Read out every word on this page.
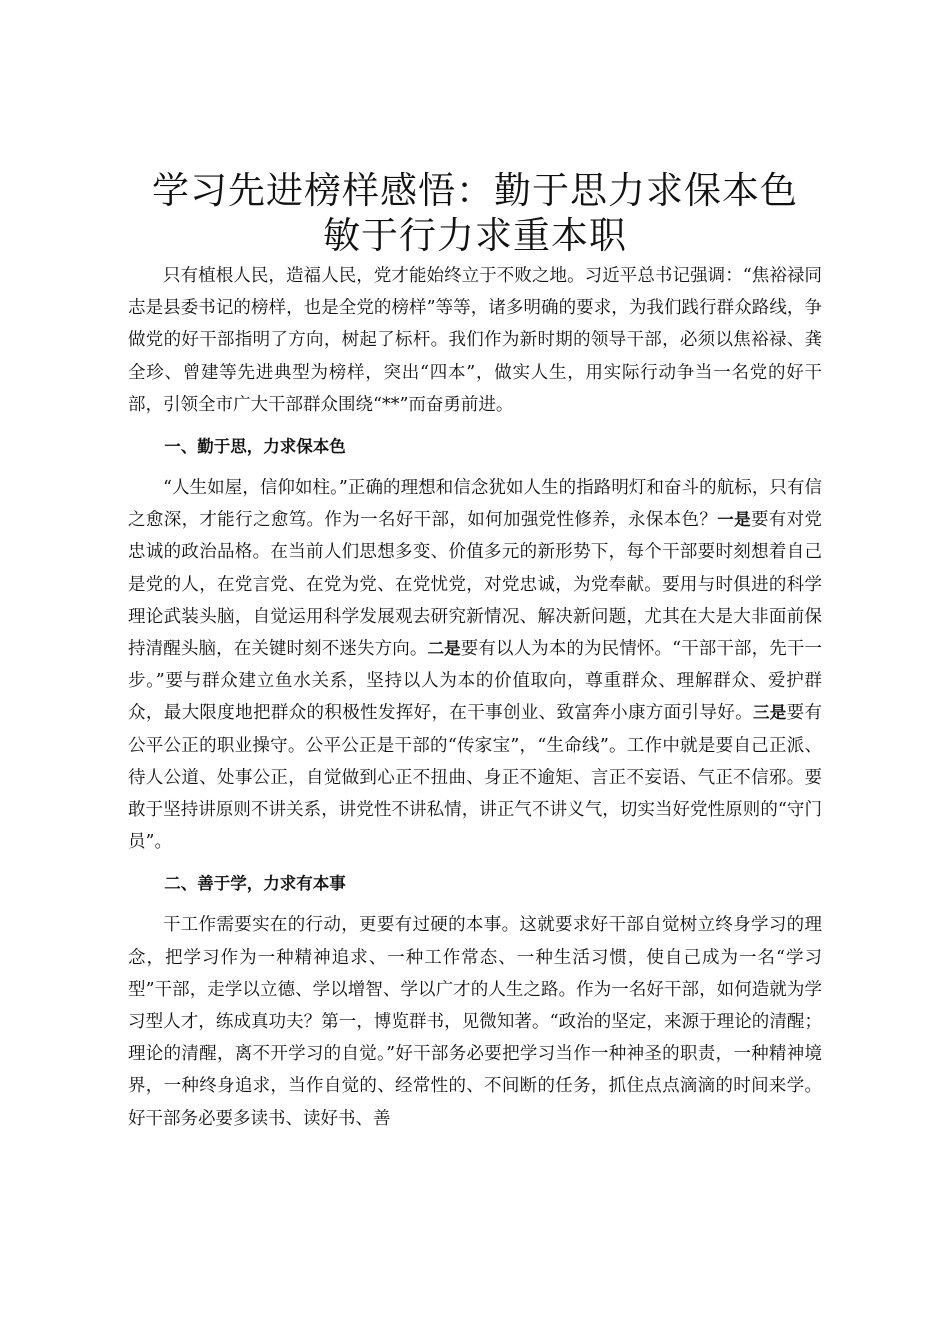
学习先进榜样感悟：勤于思力求保本色 敏于行力求重本职

只有植根人民，造福人民，党才能始终立于不败之地。习近平总书记强调：“焦裕禄同志是县委书记的榜样，也是全党的榜样”等等，诸多明确的要求，为我们践行群众路线，争做党的好干部指明了方向，树起了标杆。我们作为新时期的领导干部，必须以焦裕禄、龚全珍、曾建等先进典型为榜样，突出“四本”，做实人生，用实际行动争当一名党的好干部，引领全市广大干部群众围绕“**”而奋勇前进。

一、勤于思，力求保本色

“人生如屋，信仰如柱。”正确的理想和信念犹如人生的指路明灯和奋斗的航标，只有信之愈深，才能行之愈笃。作为一名好干部，如何加强党性修养，永保本色？一是要有对党忠诚的政治品格。在当前人们思想多变、价值多元的新形势下，每个干部要时刻想着自己是党的人，在党言党、在党为党、在党忧党，对党忠诚，为党奉献。要用与时俱进的科学理论武装头脑，自觉运用科学发展观去研究新情况、解决新问题，尤其在大是大非面前保持清醒头脑，在关键时刻不迷失方向。二是要有以人为本的为民情怀。“干部干部，先干一步。”要与群众建立鱼水关系，坚持以人为本的价值取向，尊重群众、理解群众、爱护群众，最大限度地把群众的积极性发挥好，在干事创业、致富奔小康方面引导好。三是要有公平公正的职业操守。公平公正是干部的“传家宝”，“生命线”。工作中就是要自己正派、待人公道、处事公正，自觉做到心正不扭曲、身正不逾矩、言正不妄语、气正不信邪。要敢于坚持讲原则不讲关系，讲党性不讲私情，讲正气不讲义气，切实当好党性原则的“守门员”。

二、善于学，力求有本事

干工作需要实在的行动，更要有过硬的本事。这就要求好干部自觉树立终身学习的理念，把学习作为一种精神追求、一种工作常态、一种生活习惯，使自己成为一名“学习型”干部，走学以立德、学以增智、学以广才的人生之路。作为一名好干部，如何造就为学习型人才，练成真功夫？第一，博览群书，见微知著。“政治的坚定，来源于理论的清醒；理论的清醒，离不开学习的自觉。”好干部务必要把学习当作一种神圣的职责，一种精神境界，一种终身追求，当作自觉的、经常性的、不间断的任务，抓住点点滴滴的时间来学。好干部务必要多读书、读好书、善
